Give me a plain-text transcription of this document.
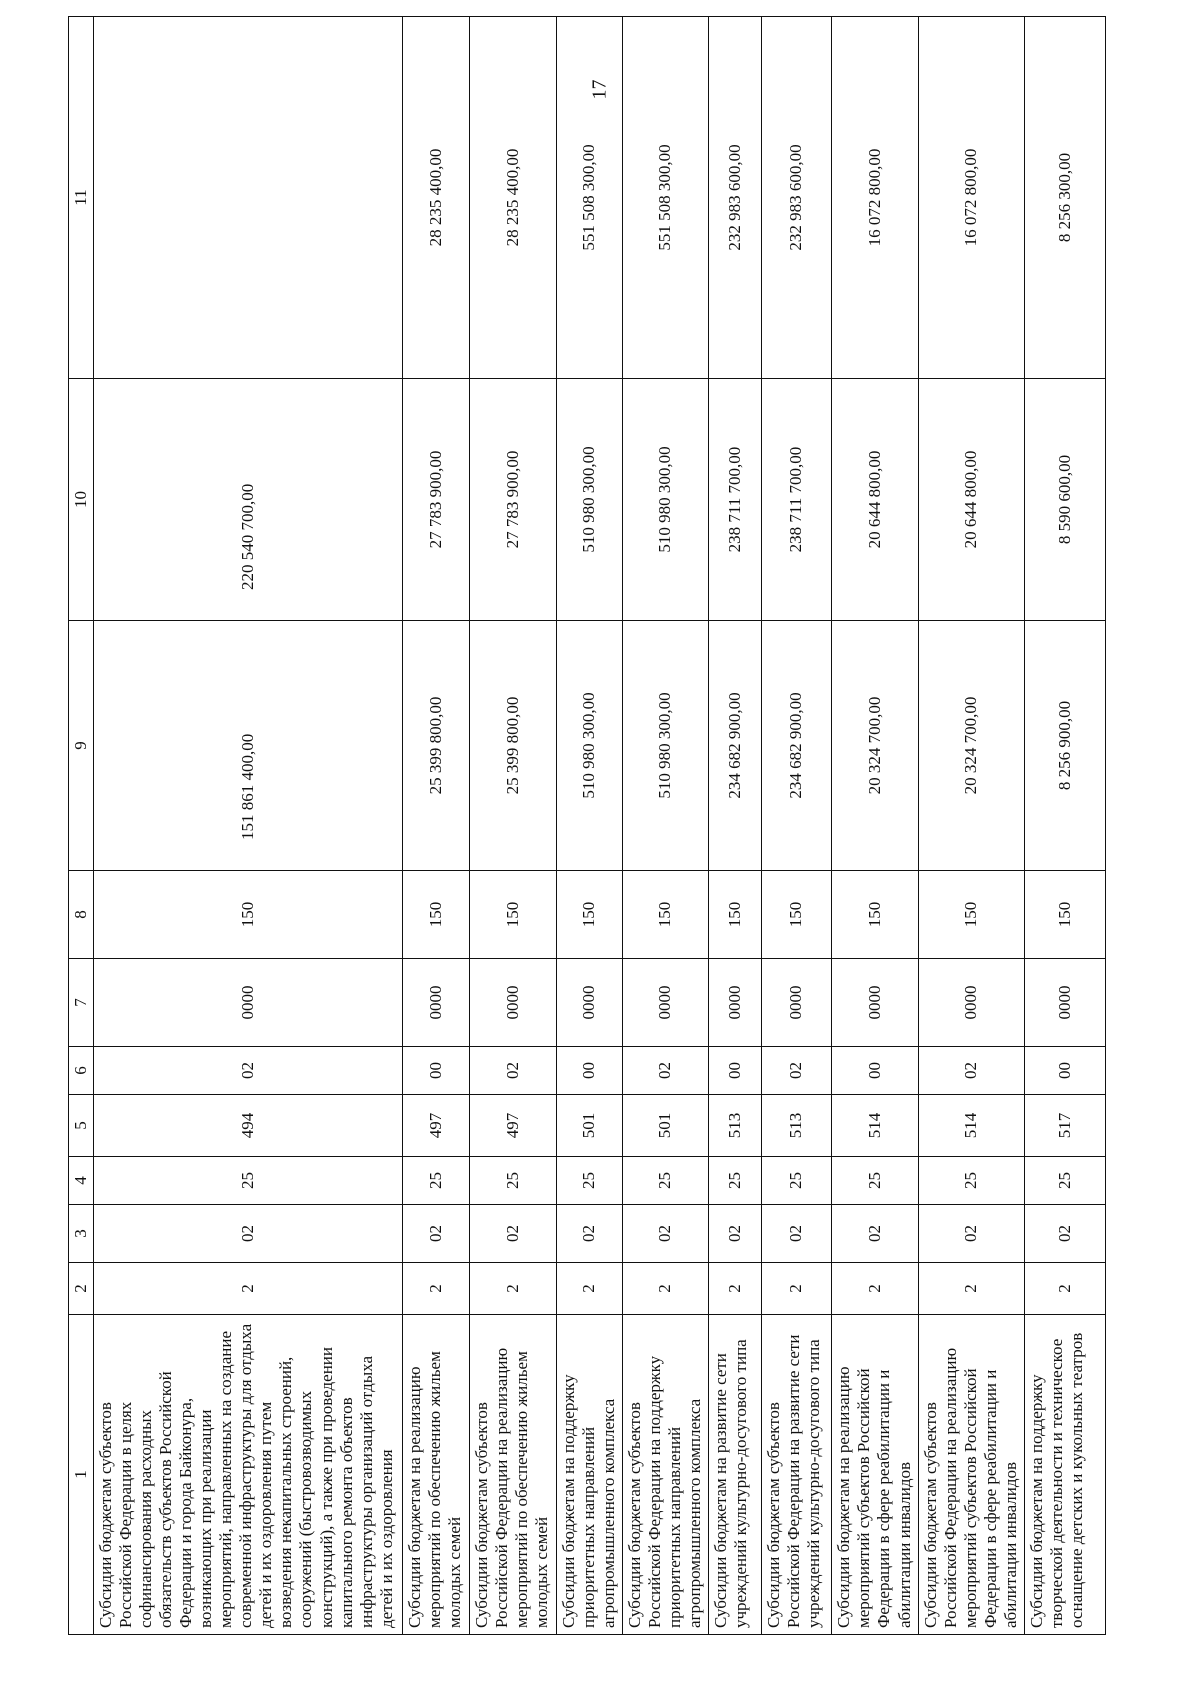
17
1	2	3	4	5	6	7	8	9	10	11
Субсидии бюджетам субъектов Российской Федерации в целях софинансирования расходных обязательств субъектов Российской Федерации и города Байконура, возникающих при реализации мероприятий, направленных на создание современной инфраструктуры для отдыха детей и их оздоровления путем возведения некапитальных строений, сооружений (быстровозводимых конструкций), а также при проведении капитального ремонта объектов инфраструктуры организаций отдыха детей и их оздоровления	2	02	25	494	02	0000	150	151 861 400,00	220 540 700,00	
Субсидии бюджетам на реализацию мероприятий по обеспечению жильем молодых семей	2	02	25	497	00	0000	150	25 399 800,00	27 783 900,00	28 235 400,00
Субсидии бюджетам субъектов Российской Федерации на реализацию мероприятий по обеспечению жильем молодых семей	2	02	25	497	02	0000	150	25 399 800,00	27 783 900,00	28 235 400,00
Субсидии бюджетам на поддержку приоритетных направлений агропромышленного комплекса	2	02	25	501	00	0000	150	510 980 300,00	510 980 300,00	551 508 300,00
Субсидии бюджетам субъектов Российской Федерации на поддержку приоритетных направлений агропромышленного комплекса	2	02	25	501	02	0000	150	510 980 300,00	510 980 300,00	551 508 300,00
Субсидии бюджетам на развитие сети учреждений культурно-досугового типа	2	02	25	513	00	0000	150	234 682 900,00	238 711 700,00	232 983 600,00
Субсидии бюджетам субъектов Российской Федерации на развитие сети учреждений культурно-досугового типа	2	02	25	513	02	0000	150	234 682 900,00	238 711 700,00	232 983 600,00
Субсидии бюджетам на реализацию мероприятий субъектов Российской Федерации в сфере реабилитации и абилитации инвалидов	2	02	25	514	00	0000	150	20 324 700,00	20 644 800,00	16 072 800,00
Субсидии бюджетам субъектов Российской Федерации на реализацию мероприятий субъектов Российской Федерации в сфере реабилитации и абилитации инвалидов	2	02	25	514	02	0000	150	20 324 700,00	20 644 800,00	16 072 800,00
Субсидии бюджетам на поддержку творческой деятельности и техническое оснащение детских и кукольных театров	2	02	25	517	00	0000	150	8 256 900,00	8 590 600,00	8 256 300,00
